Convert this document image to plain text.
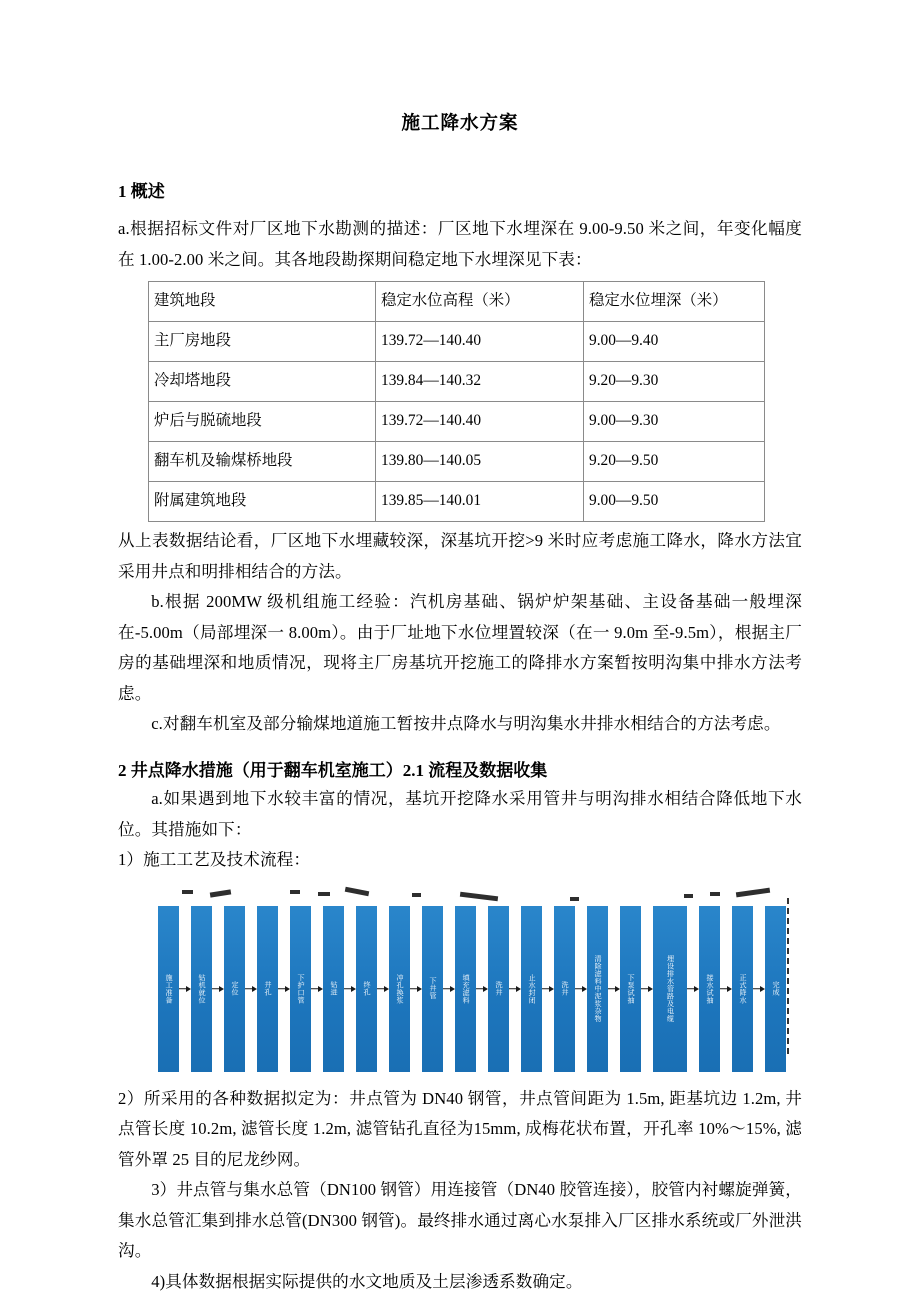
施工降水方案
1 概述

a.根据招标文件对厂区地下水勘测的描述：厂区地下水埋深在 9.00-9.50 米之间，年变化幅度在 1.00-2.00 米之间。其各地段勘探期间稳定地下水埋深见下表：

建筑地段	稳定水位高程（米）	稳定水位埋深（米）
主厂房地段	139.72—140.40	9.00—9.40
冷却塔地段	139.84—140.32	9.20—9.30
炉后与脱硫地段	139.72—140.40	9.00—9.30
翻车机及输煤桥地段	139.80—140.05	9.20—9.50
附属建筑地段	139.85—140.01	9.00—9.50

从上表数据结论看，厂区地下水埋藏较深，深基坑开挖>9 米时应考虑施工降水，降水方法宜采用井点和明排相结合的方法。

b.根据 200MW 级机组施工经验：汽机房基础、锅炉炉架基础、主设备基础一般埋深在-5.00m（局部埋深一 8.00m）。由于厂址地下水位埋置较深（在一 9.0m 至-9.5m），根据主厂房的基础埋深和地质情况，现将主厂房基坑开挖施工的降排水方案暂按明沟集中排水方法考虑。

c.对翻车机室及部分输煤地道施工暂按井点降水与明沟集水井排水相结合的方法考虑。

2 井点降水措施（用于翻车机室施工）2.1 流程及数据收集

a.如果遇到地下水较丰富的情况，基坑开挖降水采用管井与明沟排水相结合降低地下水位。其措施如下：

1）施工工艺及技术流程：

施工准备	钻机就位	定位	井孔	下护口管	钻进	终孔	冲孔换浆	下井管	填充滤料	洗井	止水封闭	洗井	清除滤料中泥浆杂物	下泵试抽	埋设排水管路及电缆	接水试抽	正式降水	完成

2）所采用的各种数据拟定为：井点管为 DN40 钢管，井点管间距为 1.5m, 距基坑边 1.2m, 井点管长度 10.2m, 滤管长度 1.2m, 滤管钻孔直径为15mm, 成梅花状布置，开孔率 10%～15%, 滤管外罩 25 目的尼龙纱网。

3）井点管与集水总管（DN100 钢管）用连接管（DN40 胶管连接），胶管内衬螺旋弹簧，集水总管汇集到排水总管(DN300 钢管)。最终排水通过离心水泵排入厂区排水系统或厂外泄洪沟。

4)具体数据根据实际提供的水文地质及土层渗透系数确定。
